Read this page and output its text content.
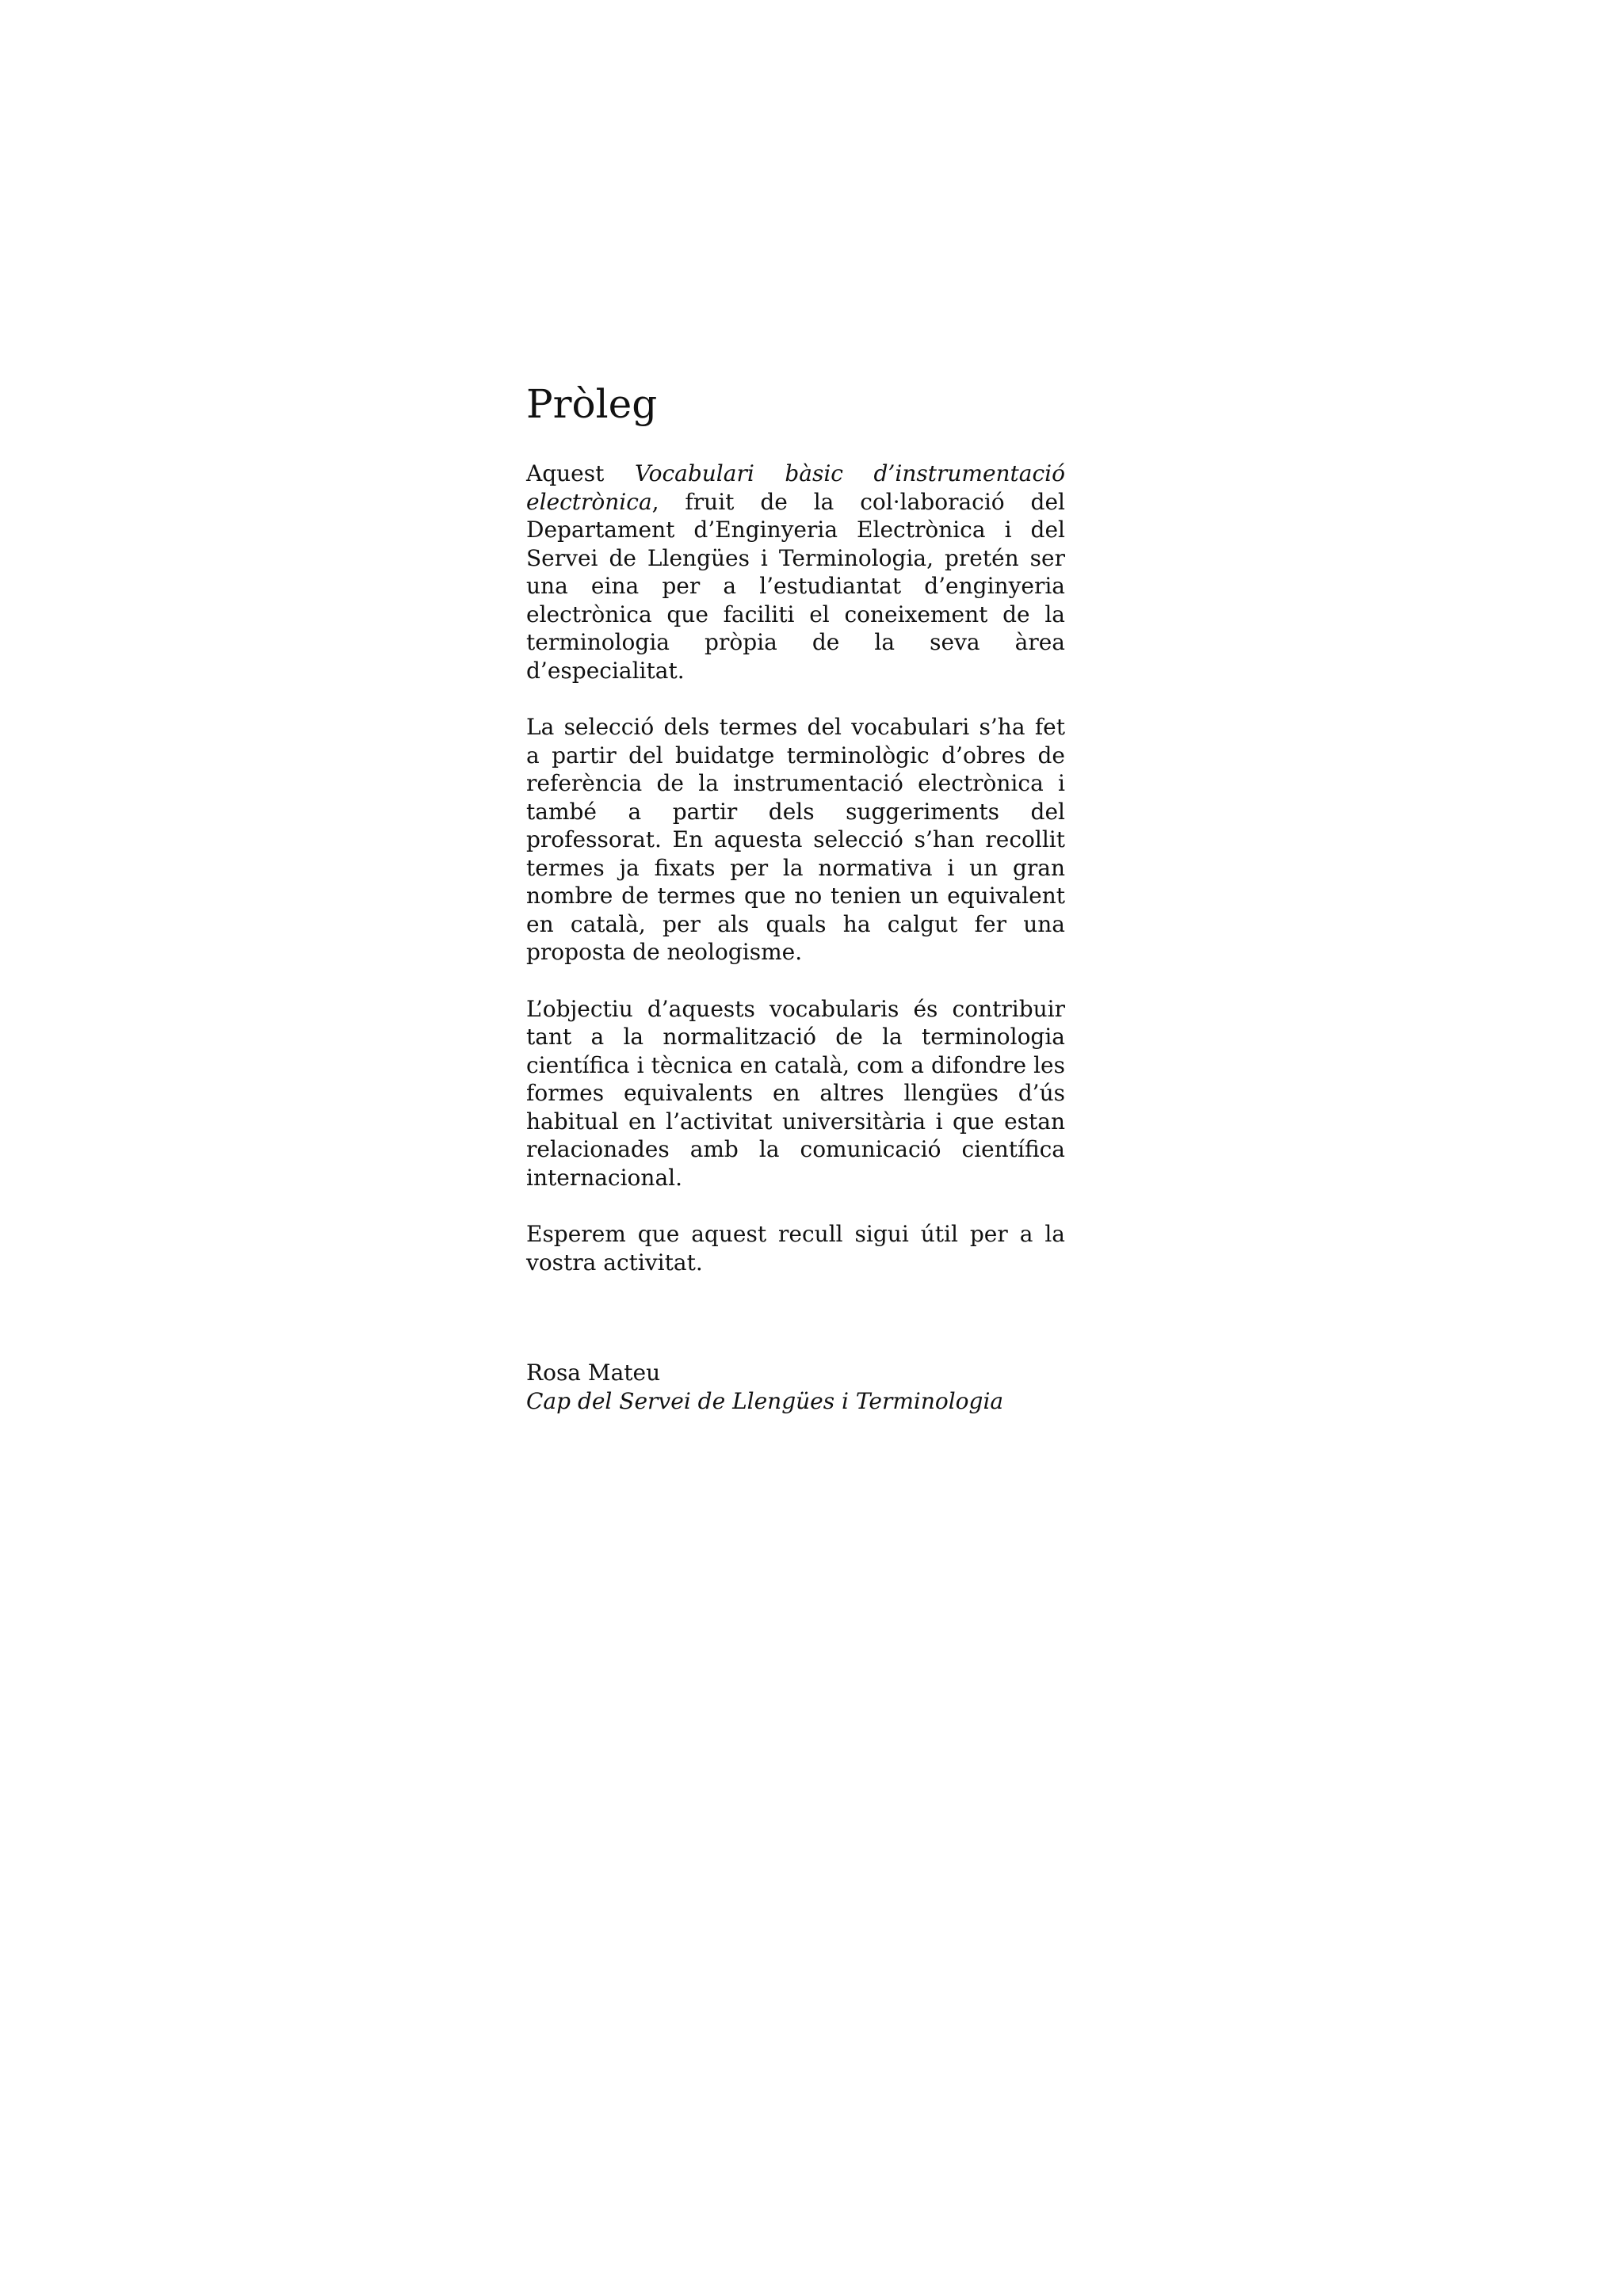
Pròleg

Aquest Vocabulari bàsic d’instrumentació electrònica, fruit de la col·laboració del Departament d’Enginyeria Electrònica i del Servei de Llengües i Terminologia, pretén ser una eina per a l’estudiantat d’enginyeria electrònica que faciliti el coneixement de la terminologia pròpia de la seva àrea d’especialitat.

La selecció dels termes del vocabulari s’ha fet a partir del buidatge terminològic d’obres de referència de la instrumentació electrònica i també a partir dels suggeriments del professorat. En aquesta selecció s’han recollit termes ja fixats per la normativa i un gran nombre de termes que no tenien un equivalent en català, per als quals ha calgut fer una proposta de neologisme.

L’objectiu d’aquests vocabularis és contribuir tant a la normalització de la terminologia científica i tècnica en català, com a difondre les formes equivalents en altres llengües d’ús habitual en l’activitat universitària i que estan relacionades amb la comunicació científica internacional.

Esperem que aquest recull sigui útil per a la vostra activitat.

Rosa Mateu
Cap del Servei de Llengües i Terminologia
